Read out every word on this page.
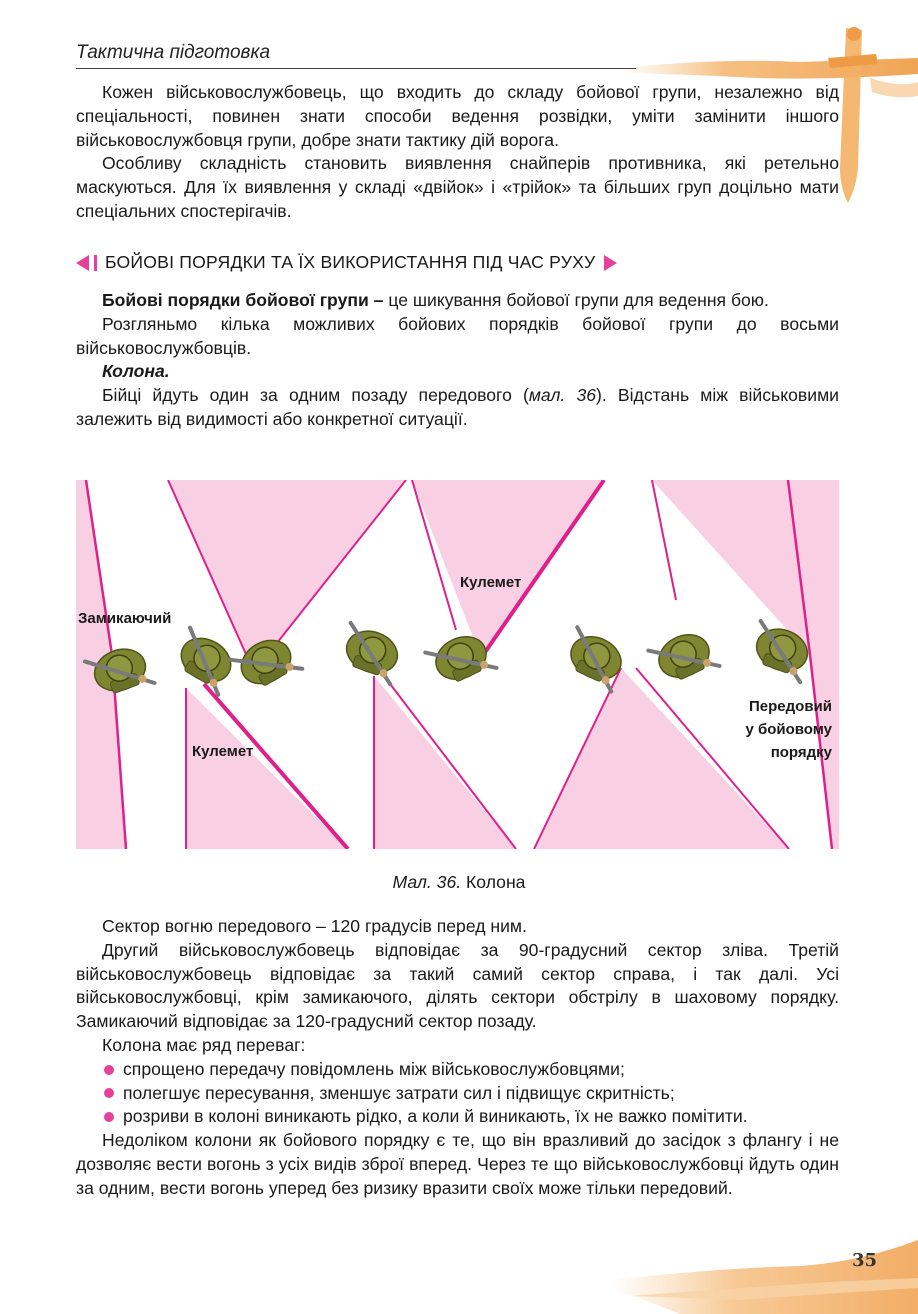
Тактична підготовка

Кожен військовослужбовець, що входить до складу бойової групи, незалежно від спеціальності, повинен знати способи ведення розвідки, уміти замінити іншого військовослужбовця групи, добре знати тактику дій ворога.

Особливу складність становить виявлення снайперів противника, які ретельно маскуються. Для їх виявлення у складі «двійок» і «трійок» та більших груп доцільно мати спеціальних спостерігачів.

БОЙОВІ ПОРЯДКИ ТА ЇХ ВИКОРИСТАННЯ ПІД ЧАС РУХУ

Бойові порядки бойової групи – це шикування бойової групи для ведення бою.

Розгляньмо кілька можливих бойових порядків бойової групи до восьми військовослужбовців.

Колона.

Бійці йдуть один за одним позаду передового (мал. 36). Відстань між військовими залежить від видимості або конкретної ситуації.

Замикаючий
Кулемет
Кулемет
Передовий
у бойовому
порядку
Мал. 36. Колона

Сектор вогню передового – 120 градусів перед ним.

Другий військовослужбовець відповідає за 90-градусний сектор зліва. Третій військовослужбовець відповідає за такий самий сектор справа, і так далі. Усі військовослужбовці, крім замикаючого, ділять сектори обстрілу в шаховому порядку. Замикаючий відповідає за 120-градусний сектор позаду.

Колона має ряд переваг:

спрощено передачу повідомлень між військовослужбовцями;
полегшує пересування, зменшує затрати сил і підвищує скритність;
розриви в колоні виникають рідко, а коли й виникають, їх не важко помітити.

Недоліком колони як бойового порядку є те, що він вразливий до засідок з флангу і не дозволяє вести вогонь з усіх видів зброї вперед. Через те що військовослужбовці йдуть один за одним, вести вогонь уперед без ризику вразити своїх може тільки передовий.

35
